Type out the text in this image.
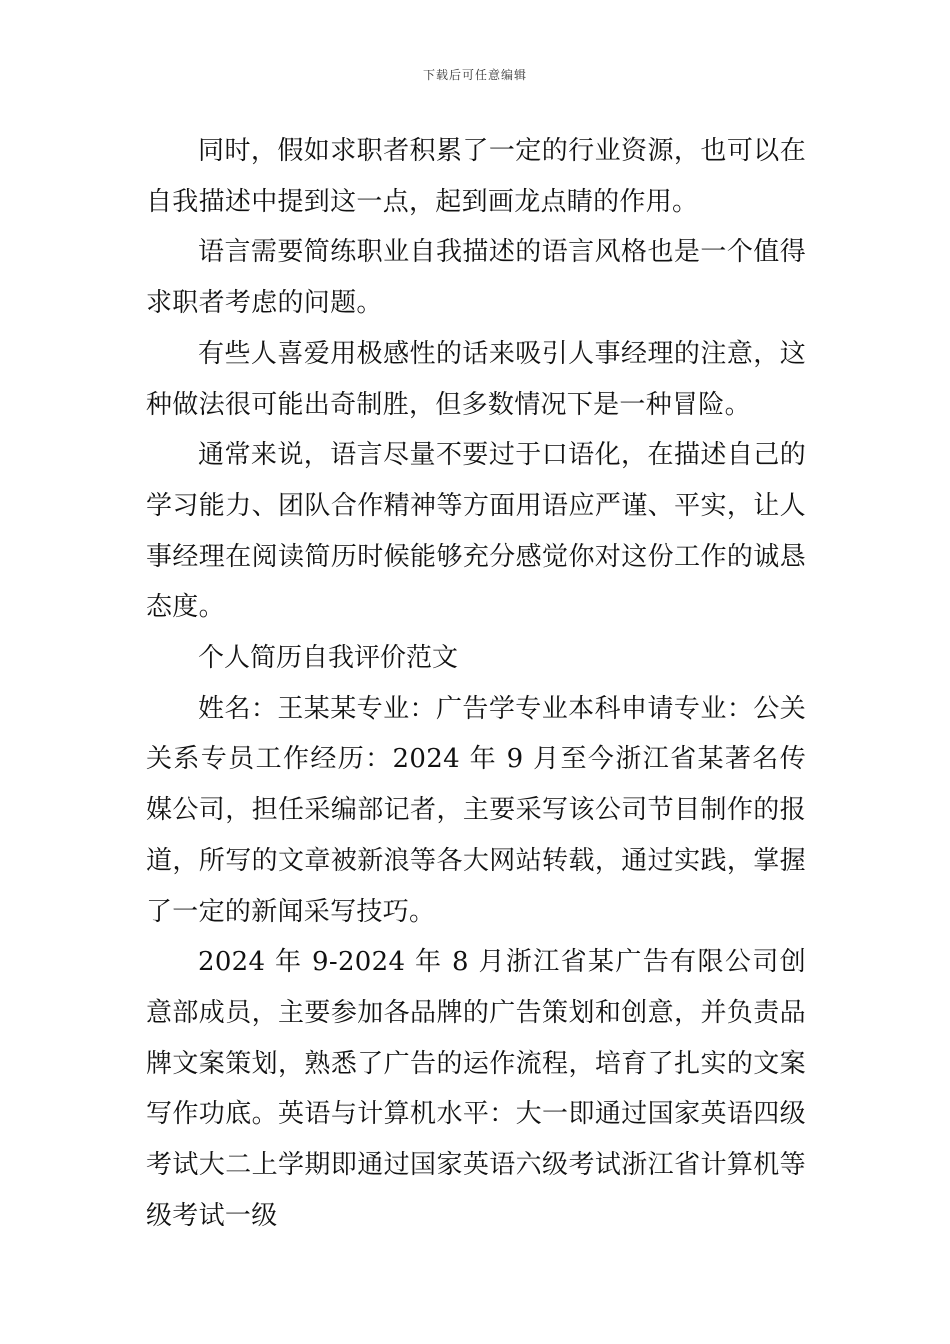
下载后可任意编辑

同时，假如求职者积累了一定的行业资源，也可以在自我描述中提到这一点，起到画龙点睛的作用。

语言需要简练职业自我描述的语言风格也是一个值得求职者考虑的问题。

有些人喜爱用极感性的话来吸引人事经理的注意，这种做法很可能出奇制胜，但多数情况下是一种冒险。

通常来说，语言尽量不要过于口语化，在描述自己的学习能力、团队合作精神等方面用语应严谨、平实，让人事经理在阅读简历时候能够充分感觉你对这份工作的诚恳态度。

个人简历自我评价范文

姓名：王某某专业：广告学专业本科申请专业：公关关系专员工作经历：2024 年 9 月至今浙江省某著名传媒公司，担任采编部记者，主要采写该公司节目制作的报道，所写的文章被新浪等各大网站转载，通过实践，掌握了一定的新闻采写技巧。

2024 年 9-2024 年 8 月浙江省某广告有限公司创意部成员，主要参加各品牌的广告策划和创意，并负责品牌文案策划，熟悉了广告的运作流程，培育了扎实的文案写作功底。英语与计算机水平：大一即通过国家英语四级考试大二上学期即通过国家英语六级考试浙江省计算机等级考试一级
